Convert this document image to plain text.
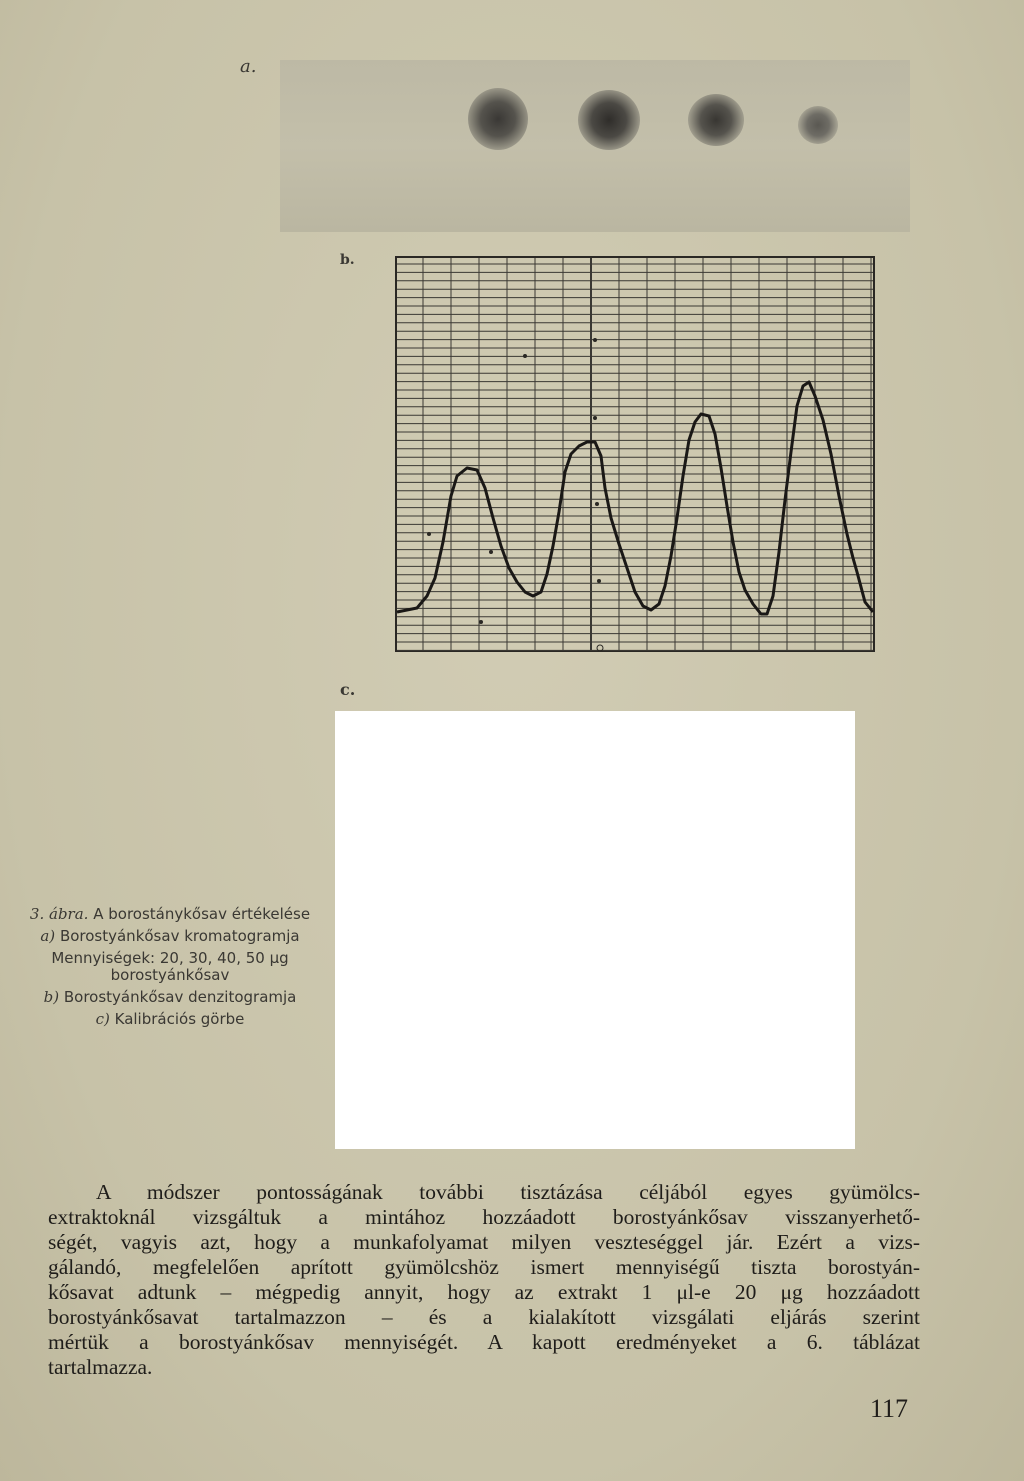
a.
b.
c.

3. ábra. A borostánykősav értékelése

a) Borostyánkősav kromatogramja

Mennyiségek: 20, 30, 40, 50 μg borostyánkősav

b) Borostyánkősav denzitogramja

c) Kalibrációs görbe

A módszer pontosságának további tisztázása céljából egyes gyümölcs-
extraktoknál vizsgáltuk a mintához hozzáadott borostyánkősav visszanyerhető-
ségét, vagyis azt, hogy a munkafolyamat milyen veszteséggel jár. Ezért a vizs-
gálandó, megfelelően aprított gyümölcshöz ismert mennyiségű tiszta borostyán-
kősavat adtunk – mégpedig annyit, hogy az extrakt 1 μl-e 20 μg hozzáadott
borostyánkősavat tartalmazzon – és a kialakított vizsgálati eljárás szerint
mértük a borostyánkősav mennyiségét. A kapott eredményeket a 6. táblázat
tartalmazza.
117
